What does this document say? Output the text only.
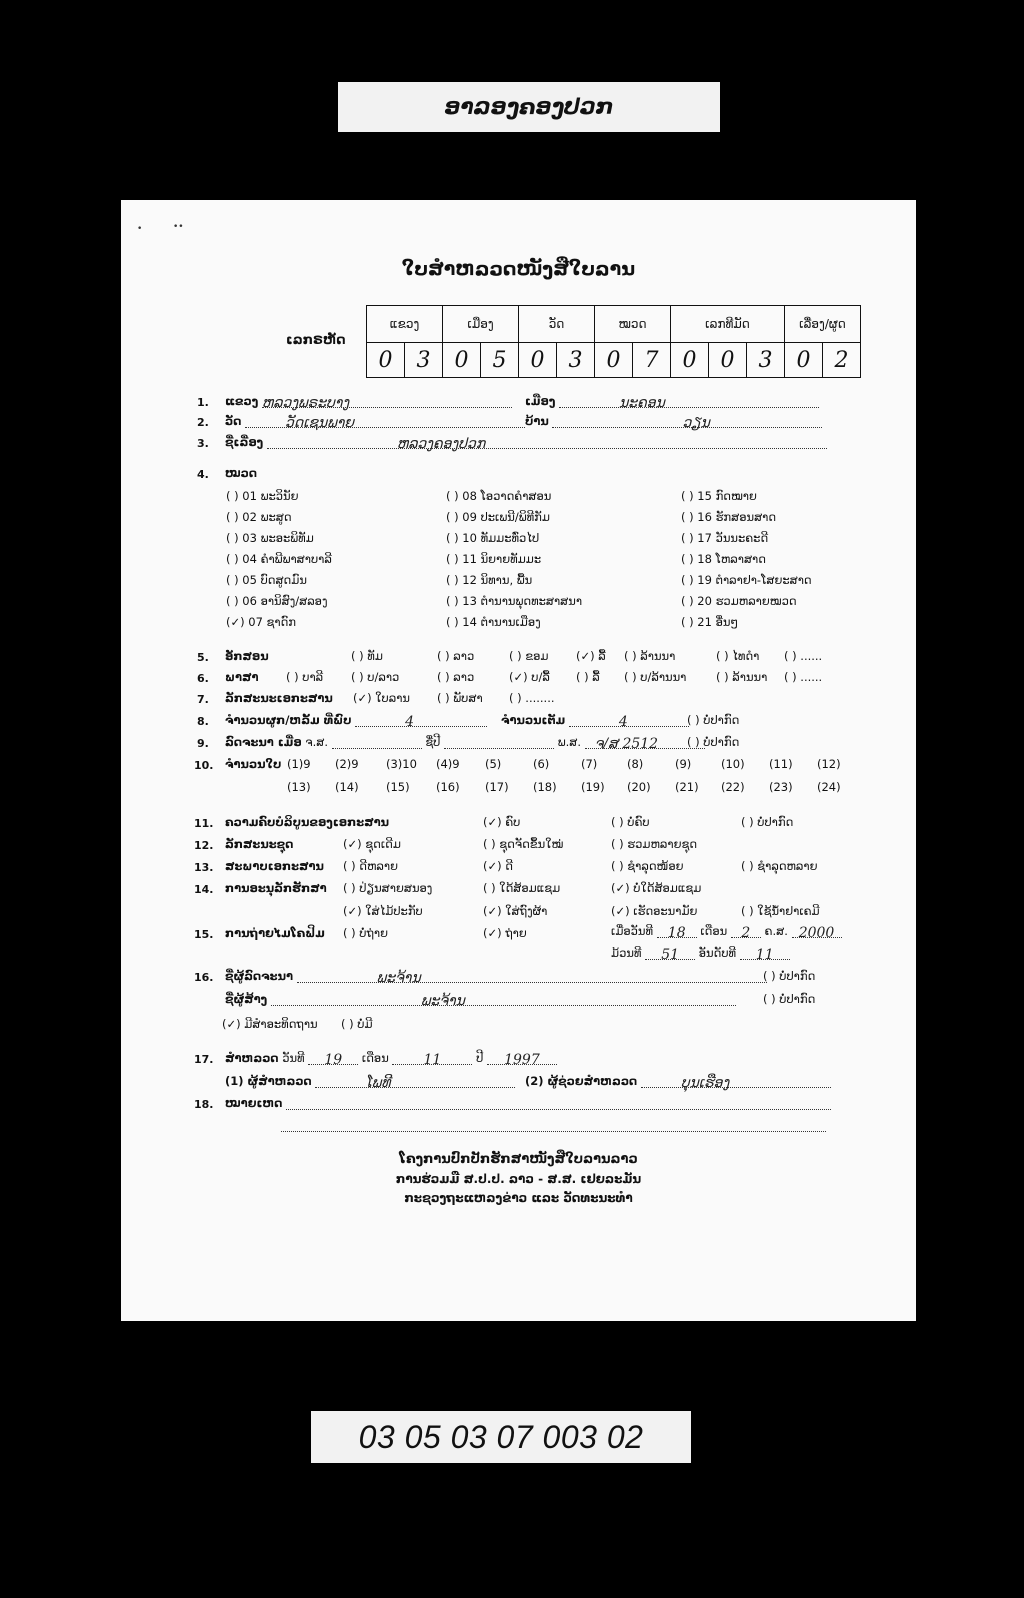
ອາລອງຄອງປວກ
•	••
ໃບສຳຫລວດໜັງສືໃບລານ
ເລກຣຫັດ
ແຂວງ		ເມືອງ		ວັດ		ໝວດ		ເລກທີມັດ			ເລື່ອງ/ຜູດ	
0	3	0	5	0	3	0	7	0	0	3	0	2
1. ແຂວງ ຫລວງພຣະບາງ	ເມືອງ	ນະຄອນ
2. ວັດ	ວັດເຊນພາຍ	ບ້ານ	ວຽນ
3. ຊື່ເລື່ອງ	ຫລວງຄອງປວກ
4. ໝວດ
( ) 01 ພະວິນັຍ
( ) 02 ພະສູດ
( ) 03 ພະອະພິທັມ
( ) 04 ຄຳພີພາສາບາລີ
( ) 05 ບົດສູດມົນ
( ) 06 ອານິສົງ/ສລອງ
(✓) 07 ຊາດົກ
( ) 08 ໂອວາດຄຳສອນ
( ) 09 ປະເພນີ/ພິທີກັມ
( ) 10 ທັມມະທົ່ວໄປ
( ) 11 ນິຍາຍທັມມະ
( ) 12 ນິທານ, ພື້ນ
( ) 13 ຕຳນານພຸດທະສາສນາ
( ) 14 ຕຳນານເມືອງ
( ) 15 ກົດໝາຍ
( ) 16 ຮັກສອນສາດ
( ) 17 ວັນນະຄະດີ
( ) 18 ໂຫລາສາດ
( ) 19 ຕຳລາຢາ-ໂສຍະສາດ
( ) 20 ຮວມຫລາຍໝວດ
( ) 21 ອື່ນໆ
5. ອັກສອນ	( ) ທັມ	( ) ລາວ	( ) ຂອມ (✓) ລື້ ( ) ລ້ານນາ	( ) ໄທດຳ ( ) ......
6. ພາສາ ( ) ບາລີ ( ) ບ/ລາວ	( ) ລາວ	(✓) ບ/ລື້ ( ) ລື້ ( ) ບ/ລ້ານນາ	( ) ລ້ານນາ ( ) ......
7. ລັກສະນະເອກະສານ (✓) ໃບລານ ( ) ພັບສາ ( ) ........
8. ຈຳນວນຜູກ/ຫລັ້ມ ທີ່ພົບ	4	ຈຳນວນເຕັມ	4	( ) ບໍ່ປາກົດ
9. ລົດຈະນາ ເມື່ອ ຈ.ສ.	ຊື່ປີ	ພ.ສ. ຈ/ສ 2512	( ) ບໍ່ປາກົດ
10. ຈຳນວນໃບ (1)9 (2)9 (3)10 (4)9 (5)	(6)	(7)	(8)	(9)	(10) (11) (12)
(13) (14) (15) (16) (17) (18) (19) (20) (21) (22) (23) (24)
11. ຄວາມຄົບບໍລິບູນຂອງເອກະສານ	(✓) ຄົບ	( ) ບໍ່ຄົບ	( ) ບໍ່ປາກົດ
12. ລັກສະນະຊຸດ	(✓) ຊຸດເດີມ	( ) ຊຸດຈັດຂຶ້ນໃໝ່	( ) ຮວມຫລາຍຊຸດ
13. ສະພາບເອກະສານ ( ) ດີຫລາຍ	(✓) ດີ	( ) ຊຳລຸດໜ້ອຍ	( ) ຊຳລຸດຫລາຍ
14. ການອະນຸລັກຮັກສາ ( ) ປ່ຽນສາຍສນອງ	( ) ໃດ້ສ້ອມແຊມ	(✓) ບໍ່ໃດ້ສ້ອມແຊມ
(✓) ໃສ່ໄມ້ປະກັບ	(✓) ໃສ່ຖົງຜ້າ	(✓) ເຮັດອະນາມັຍ	( ) ໃຊ້ນ້ຳຢາເຄມີ
15. ການຖ່າຍໄມໂຄຟິມ ( ) ບໍ່ຖ່າຍ	(✓) ຖ່າຍ	ເມື່ອວັນທີ 18 ເດືອນ 2 ຄ.ສ. 2000
ມ້ວນທີ 51 ອັນດັບທີ 11
16. ຊື່ຜູ້ລົດຈະນາ	ພະຈ້ານ	( ) ບໍ່ປາກົດ
ຊື່ຜູ້ສ້າງ	ພະຈ້ານ	( ) ບໍ່ປາກົດ
(✓) ມີສຳອະທິດຖານ ( ) ບໍ່ມີ
17. ສຳຫລວດ ວັນທີ 19 ເດືອນ 11	ປີ 1997
(1) ຜູ້ສຳຫລວດ	ໂພທີ	(2) ຜູ້ຊ່ວຍສຳຫລວດ	ບຸນເຮືອງ
18. ໝາຍເຫດ
ໂຄງການປົກປັກຮັກສາໜັງສືໃບລານລາວ
ການຮ່ວມມື ສ.ປ.ປ. ລາວ - ສ.ສ. ເຢຍລະມັນ
ກະຊວງຖະແຫລງຂ່າວ ແລະ ວັດທະນະທຳ
03 05 03 07 003 02
